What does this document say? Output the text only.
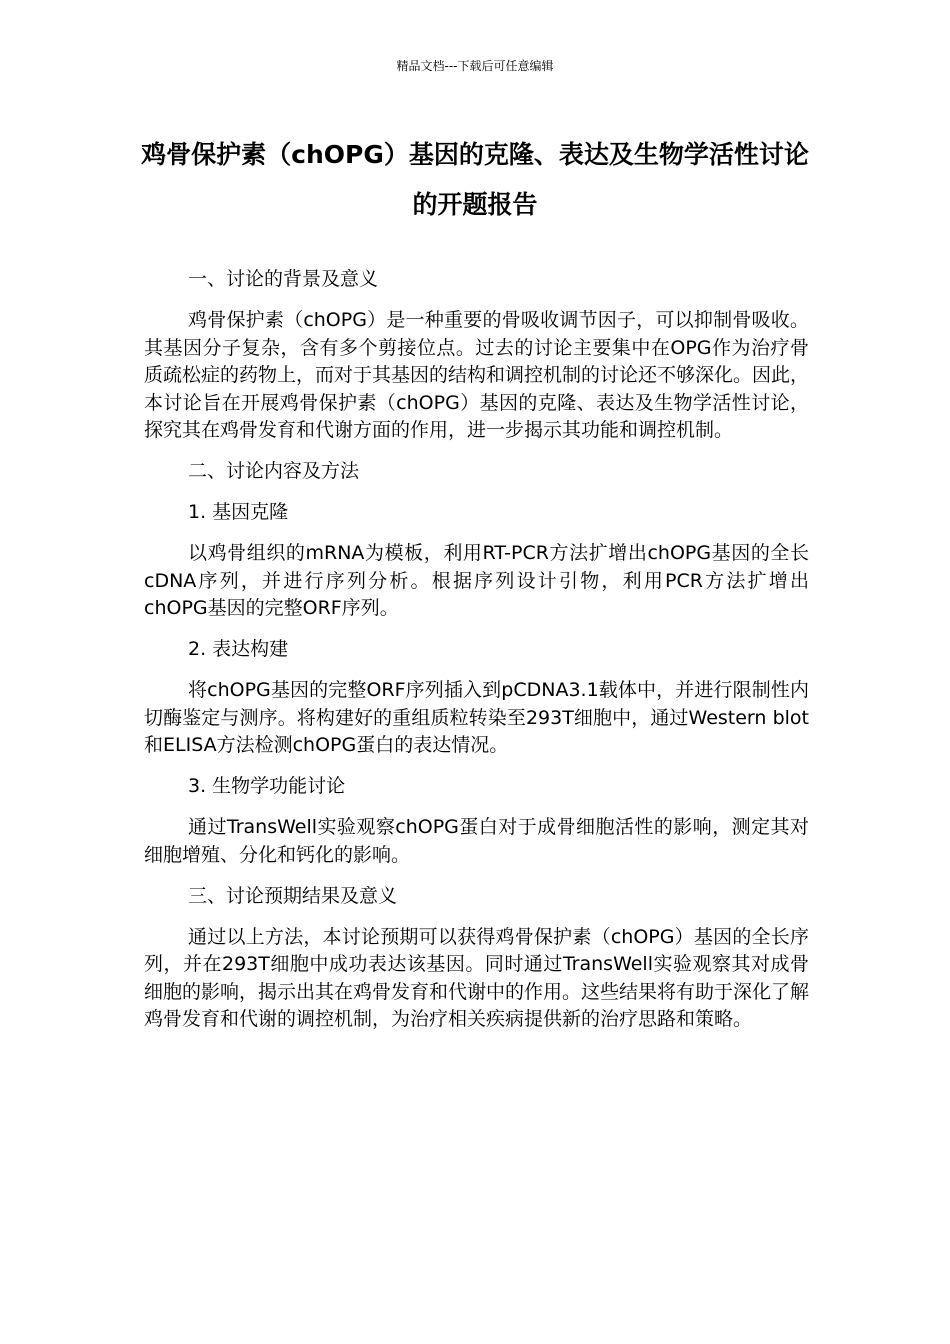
精品文档---下载后可任意编辑
鸡骨保护素（chOPG）基因的克隆、表达及生物学活性讨论的开题报告

一、讨论的背景及意义

鸡骨保护素（chOPG）是一种重要的骨吸收调节因子，可以抑制骨吸收。其基因分子复杂，含有多个剪接位点。过去的讨论主要集中在OPG作为治疗骨质疏松症的药物上，而对于其基因的结构和调控机制的讨论还不够深化。因此，本讨论旨在开展鸡骨保护素（chOPG）基因的克隆、表达及生物学活性讨论，探究其在鸡骨发育和代谢方面的作用，进一步揭示其功能和调控机制。

二、讨论内容及方法

1. 基因克隆

以鸡骨组织的mRNA为模板，利用RT-PCR方法扩增出chOPG基因的全长cDNA序列，并进行序列分析。根据序列设计引物，利用PCR方法扩增出chOPG基因的完整ORF序列。

2. 表达构建

将chOPG基因的完整ORF序列插入到pCDNA3.1载体中，并进行限制性内切酶鉴定与测序。将构建好的重组质粒转染至293T细胞中，通过Western blot和ELISA方法检测chOPG蛋白的表达情况。

3. 生物学功能讨论

通过TransWell实验观察chOPG蛋白对于成骨细胞活性的影响，测定其对细胞增殖、分化和钙化的影响。

三、讨论预期结果及意义

通过以上方法，本讨论预期可以获得鸡骨保护素（chOPG）基因的全长序列，并在293T细胞中成功表达该基因。同时通过TransWell实验观察其对成骨细胞的影响，揭示出其在鸡骨发育和代谢中的作用。这些结果将有助于深化了解鸡骨发育和代谢的调控机制，为治疗相关疾病提供新的治疗思路和策略。
